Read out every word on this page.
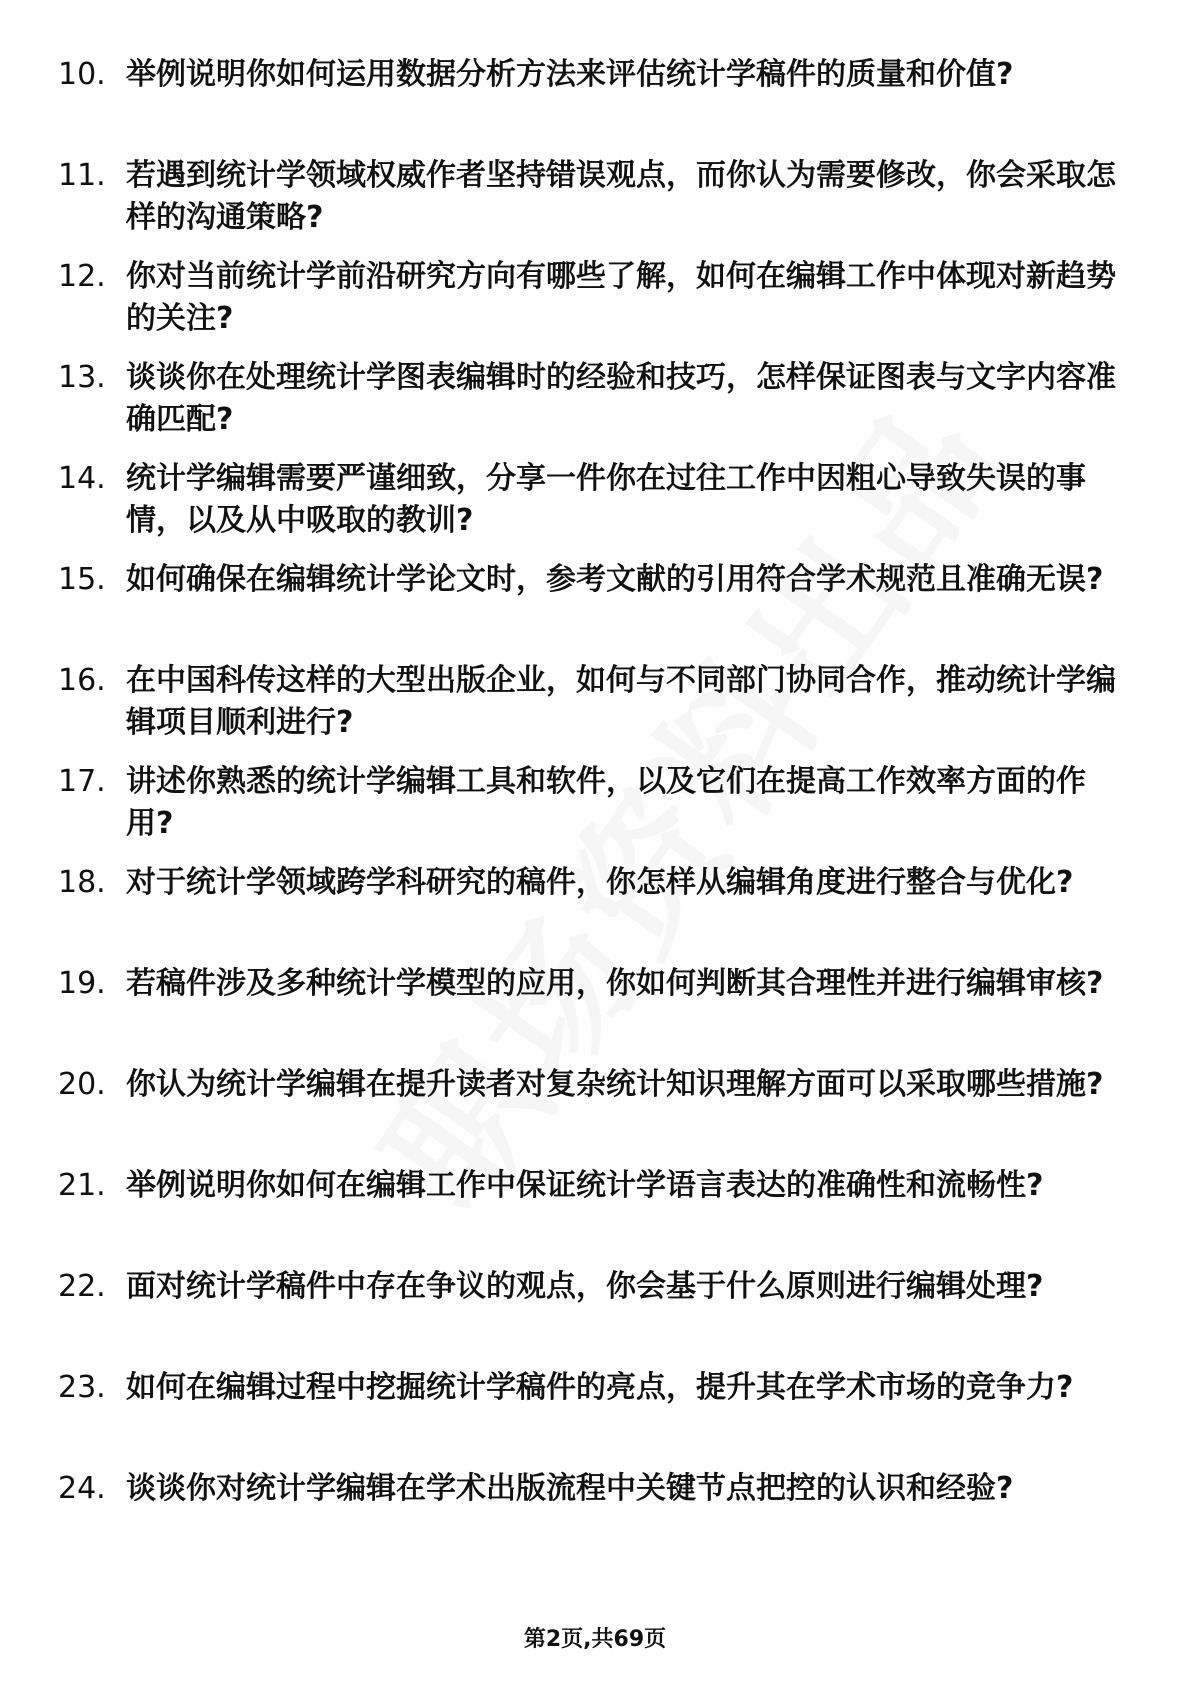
10. 举例说明你如何运用数据分析方法来评估统计学稿件的质量和价值?
11. 若遇到统计学领域权威作者坚持错误观点，而你认为需要修改，你会采取怎样的沟通策略?
12. 你对当前统计学前沿研究方向有哪些了解，如何在编辑工作中体现对新趋势的关注?
13. 谈谈你在处理统计学图表编辑时的经验和技巧，怎样保证图表与文字内容准确匹配?
14. 统计学编辑需要严谨细致，分享一件你在过往工作中因粗心导致失误的事情，以及从中吸取的教训?
15. 如何确保在编辑统计学论文时，参考文献的引用符合学术规范且准确无误?
16. 在中国科传这样的大型出版企业，如何与不同部门协同合作，推动统计学编辑项目顺利进行?
17. 讲述你熟悉的统计学编辑工具和软件，以及它们在提高工作效率方面的作用?
18. 对于统计学领域跨学科研究的稿件，你怎样从编辑角度进行整合与优化?
19. 若稿件涉及多种统计学模型的应用，你如何判断其合理性并进行编辑审核?
20. 你认为统计学编辑在提升读者对复杂统计知识理解方面可以采取哪些措施?
21. 举例说明你如何在编辑工作中保证统计学语言表达的准确性和流畅性?
22. 面对统计学稿件中存在争议的观点，你会基于什么原则进行编辑处理?
23. 如何在编辑过程中挖掘统计学稿件的亮点，提升其在学术市场的竞争力?
24. 谈谈你对统计学编辑在学术出版流程中关键节点把控的认识和经验?
第2页,共69页
